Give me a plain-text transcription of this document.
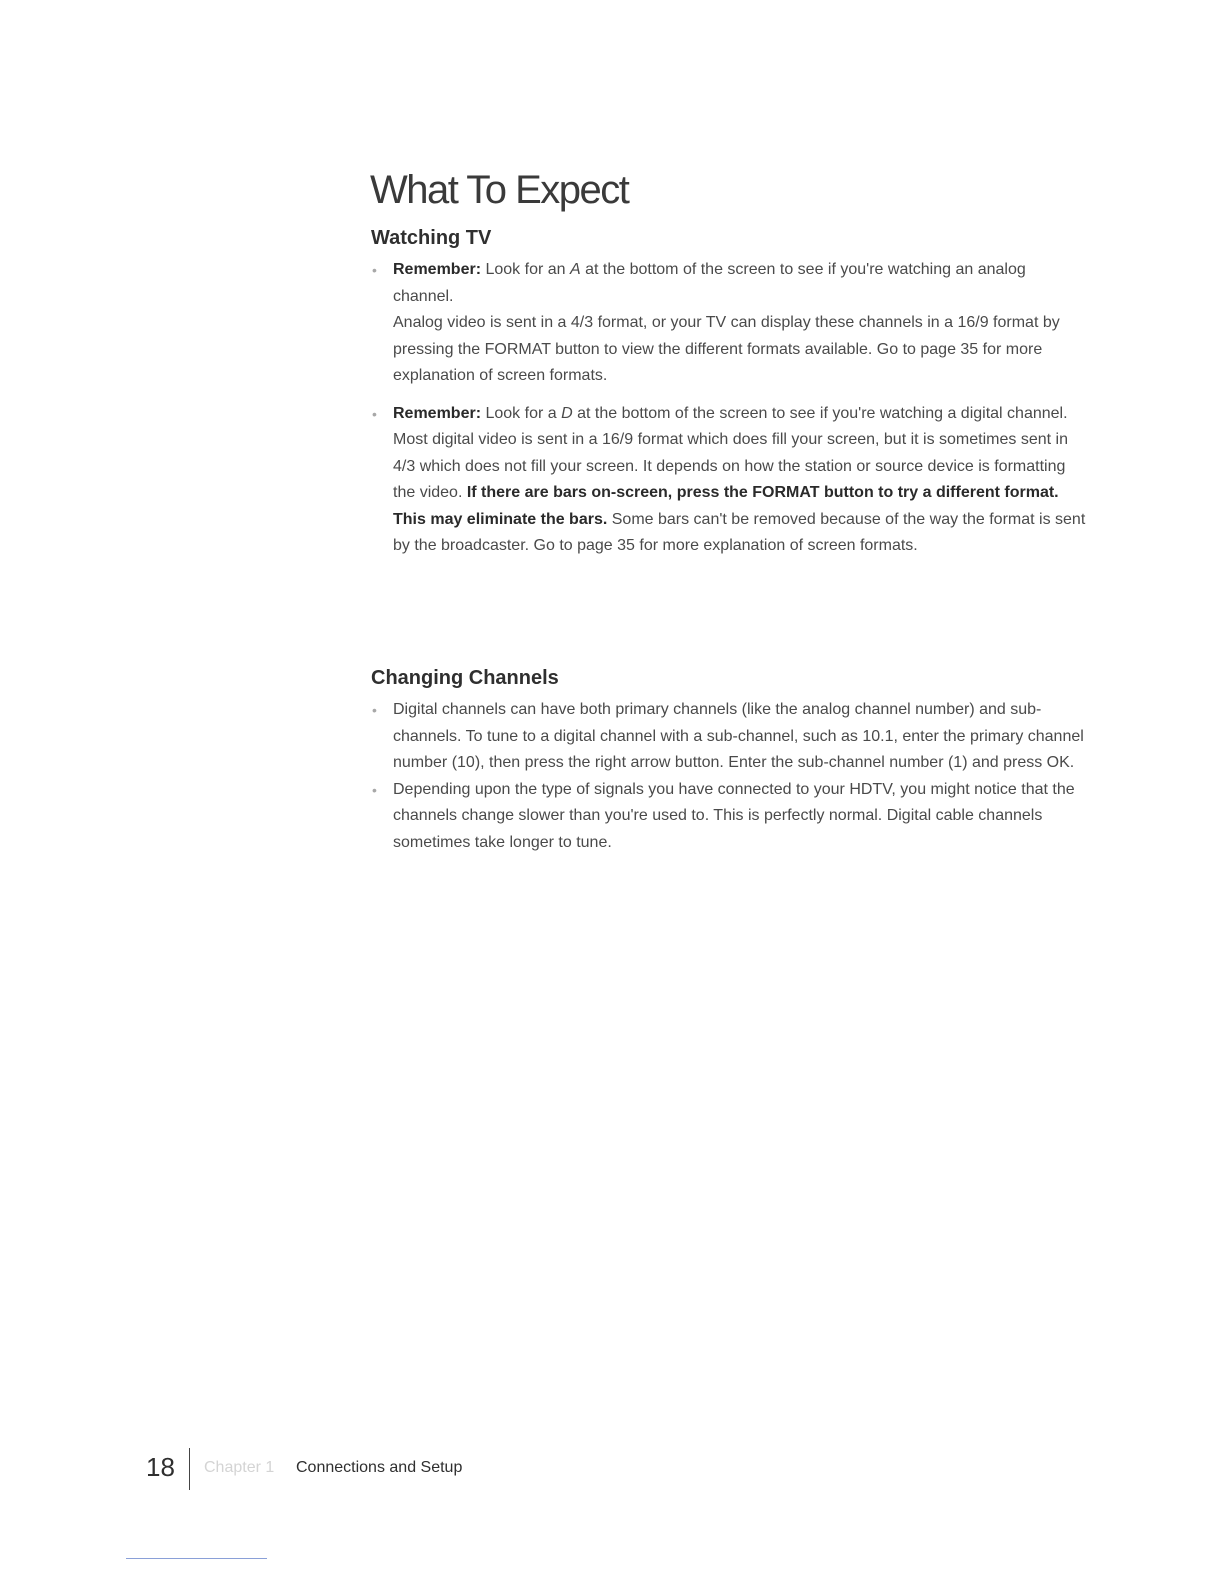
What To Expect
Watching TV
• Remember: Look for an A at the bottom of the screen to see if you're watching an analog channel.
Analog video is sent in a 4/3 format, or your TV can display these channels in a 16/9 format by pressing the FORMAT button to view the different formats available. Go to page 35 for more explanation of screen formats.
• Remember: Look for a D at the bottom of the screen to see if you're watching a digital channel.
Most digital video is sent in a 16/9 format which does fill your screen, but it is sometimes sent in 4/3 which does not fill your screen. It depends on how the station or source device is formatting the video. If there are bars on-screen, press the FORMAT button to try a different format. This may eliminate the bars. Some bars can't be removed because of the way the format is sent by the broadcaster. Go to page 35 for more explanation of screen formats.
Changing Channels
• Digital channels can have both primary channels (like the analog channel number) and sub-channels. To tune to a digital channel with a sub-channel, such as 10.1, enter the primary channel number (10), then press the right arrow button. Enter the sub-channel number (1) and press OK.
• Depending upon the type of signals you have connected to your HDTV, you might notice that the channels change slower than you're used to. This is perfectly normal. Digital cable channels sometimes take longer to tune.
18 Chapter 1 Connections and Setup
